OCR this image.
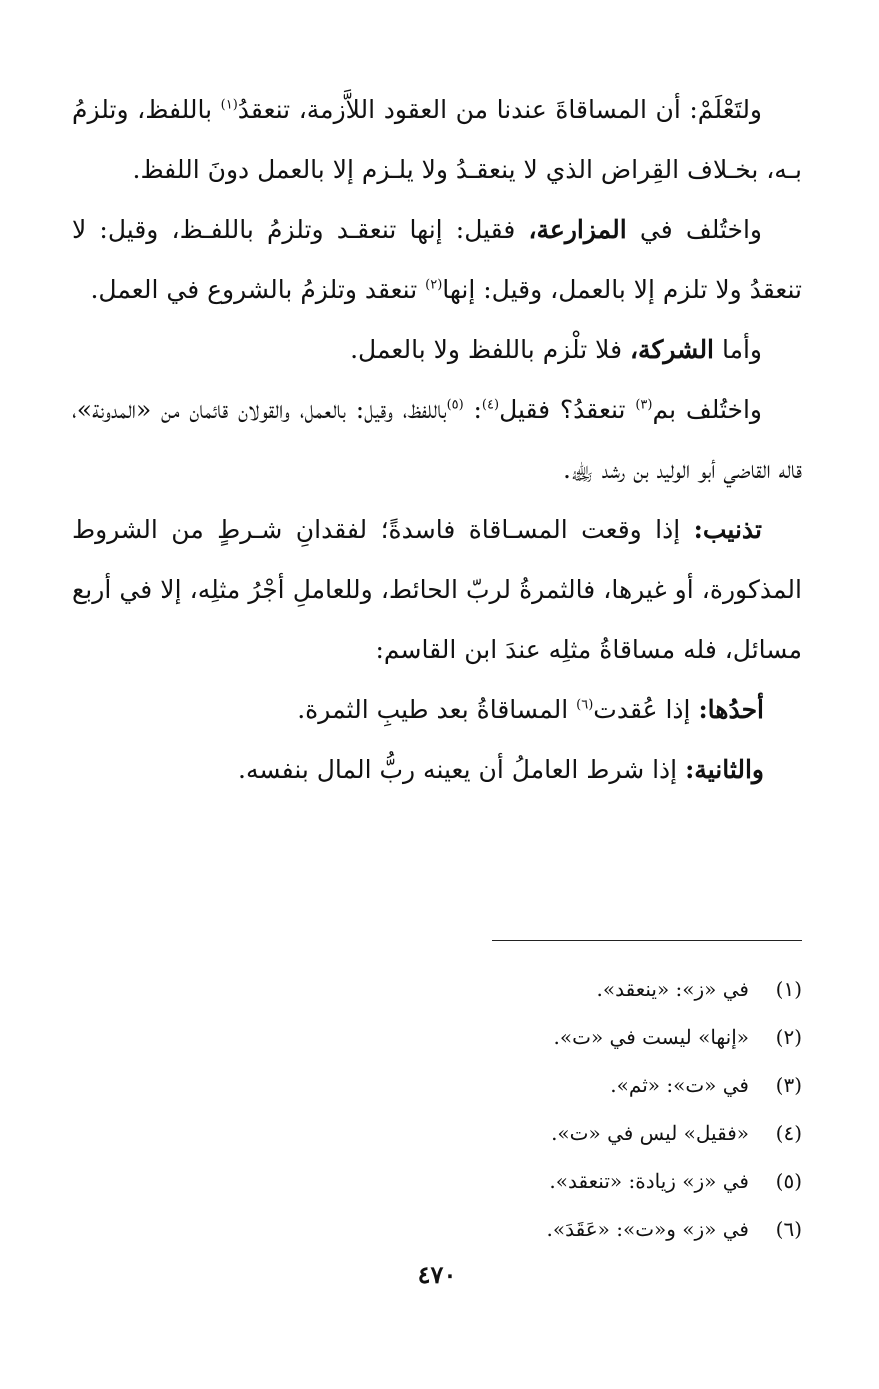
ولتَعْلَمْ: أن المساقاةَ عندنا من العقود اللاَّزمة، تنعقدُ$^{(١)}$ باللفظ، وتلزمُ بـه، بخـلاف القِراض الذي لا ينعقـدُ ولا يلـزم إلا بالعمل دونَ اللفظ.

واختُلف في المزارعة، فقيل: إنها تنعقـد وتلزمُ باللفـظ، وقيل: لا تنعقدُ ولا تلزم إلا بالعمل، وقيل: إنها$^{(٢)}$ تنعقد وتلزمُ بالشروع في العمل.

وأما الشركة، فلا تلْزم باللفظ ولا بالعمل.

واختُلف بم$^{(٣)}$ تنعقدُ؟ فقيل$^{(٤)}$: $^{(٥)}$باللفظ، وقيل: بالعمل، والقولان قائمان من «المدونة»، قاله القاضي أبو الوليد بن رشد ﵀.

تذنيب: إذا وقعت المسـاقاة فاسدةً؛ لفقدانِ شـرطٍ من الشروط المذكورة، أو غيرها، فالثمرةُ لربّ الحائط، وللعاملِ أجْرُ مثلِه، إلا في أربع مسائل، فله مساقاةُ مثلِه عندَ ابن القاسم:

أحدُها: إذا عُقدت$^{(٦)}$ المساقاةُ بعد طيبِ الثمرة.

والثانية: إذا شرط العاملُ أن يعينه ربُّ المال بنفسه.

(١)
في «ز»: «ينعقد».
(٢)
«إنها» ليست في «ت».
(٣)
في «ت»: «ثم».
(٤)
«فقيل» ليس في «ت».
(٥)
في «ز» زيادة: «تنعقد».
(٦)
في «ز» و«ت»: «عَقَدَ».
٤٧٠
